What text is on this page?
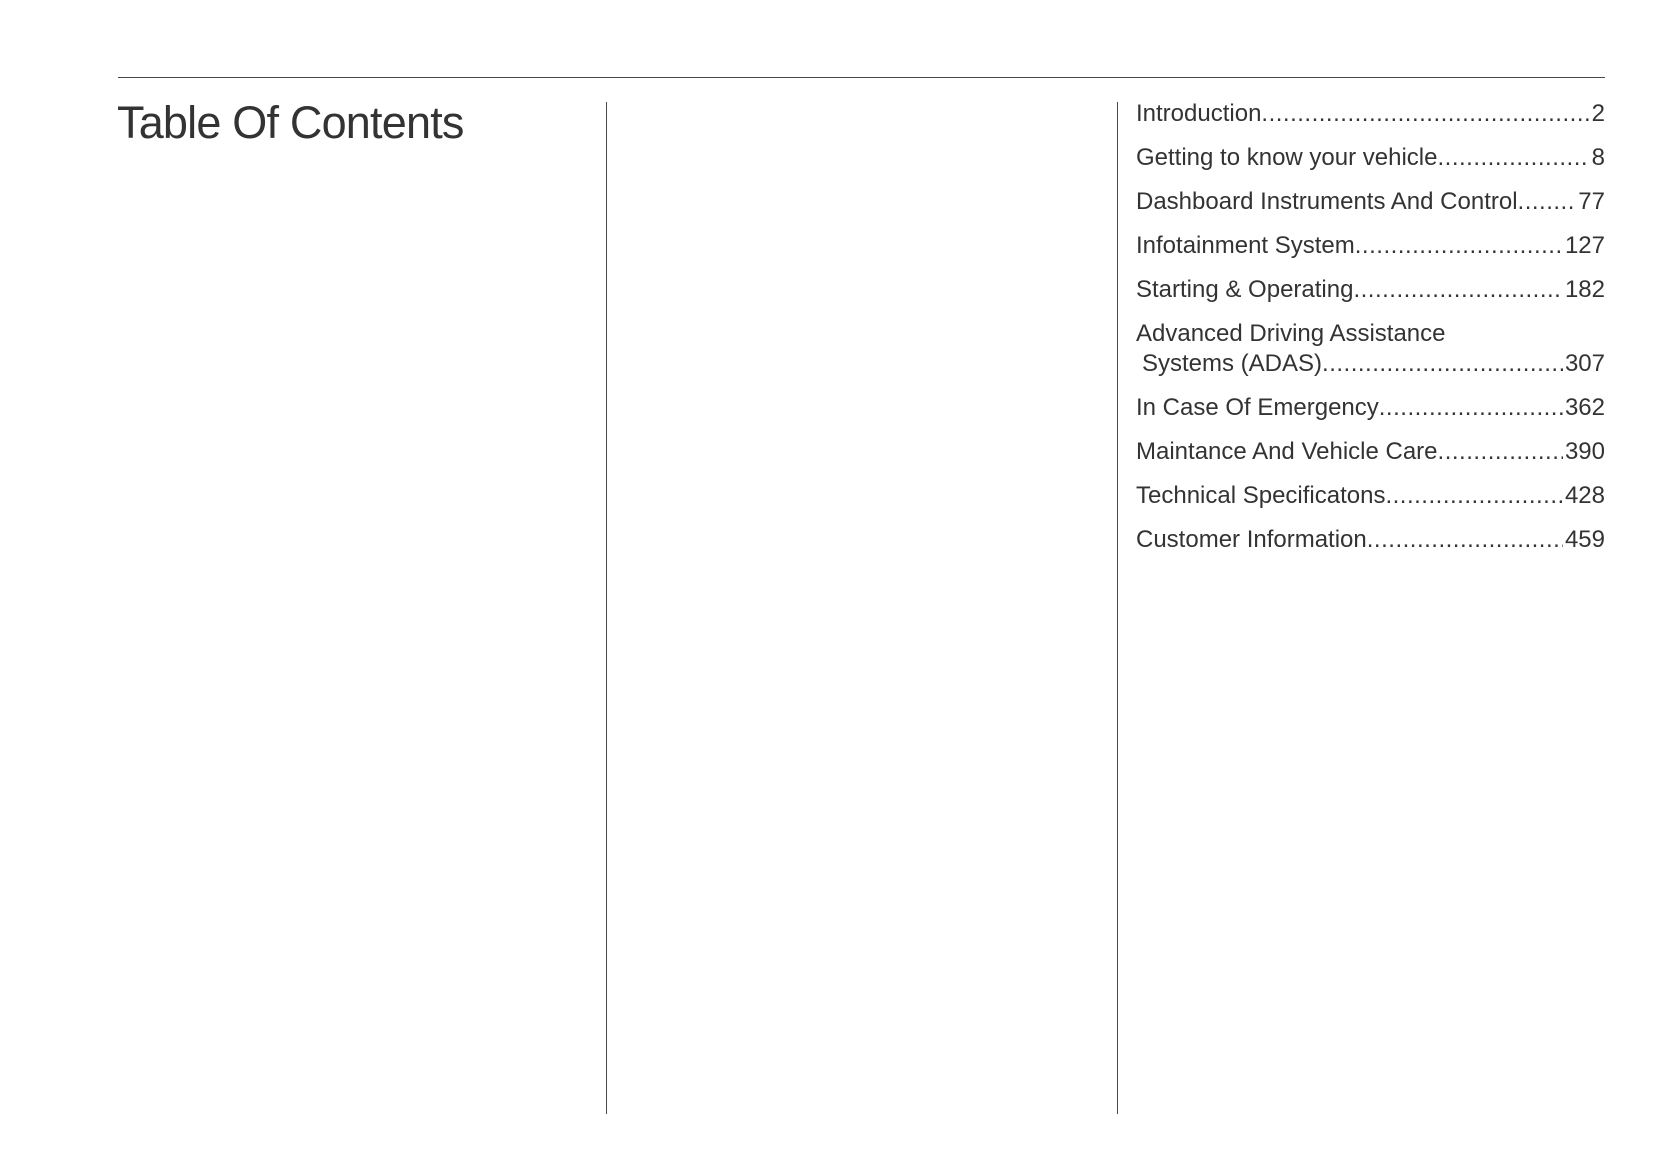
Table Of Contents	Introduction .....	2
Getting to know your vehicle .....	8
Dashboard Instruments And Control .....	77
Infotainment System .....	127
Starting & Operating .....	182
Advanced Driving Assistance
Systems (ADAS) .....	307
In Case Of Emergency .....	362
Maintance And Vehicle Care .....	390
Technical Specificatons .....	428
Customer Information .....	459
